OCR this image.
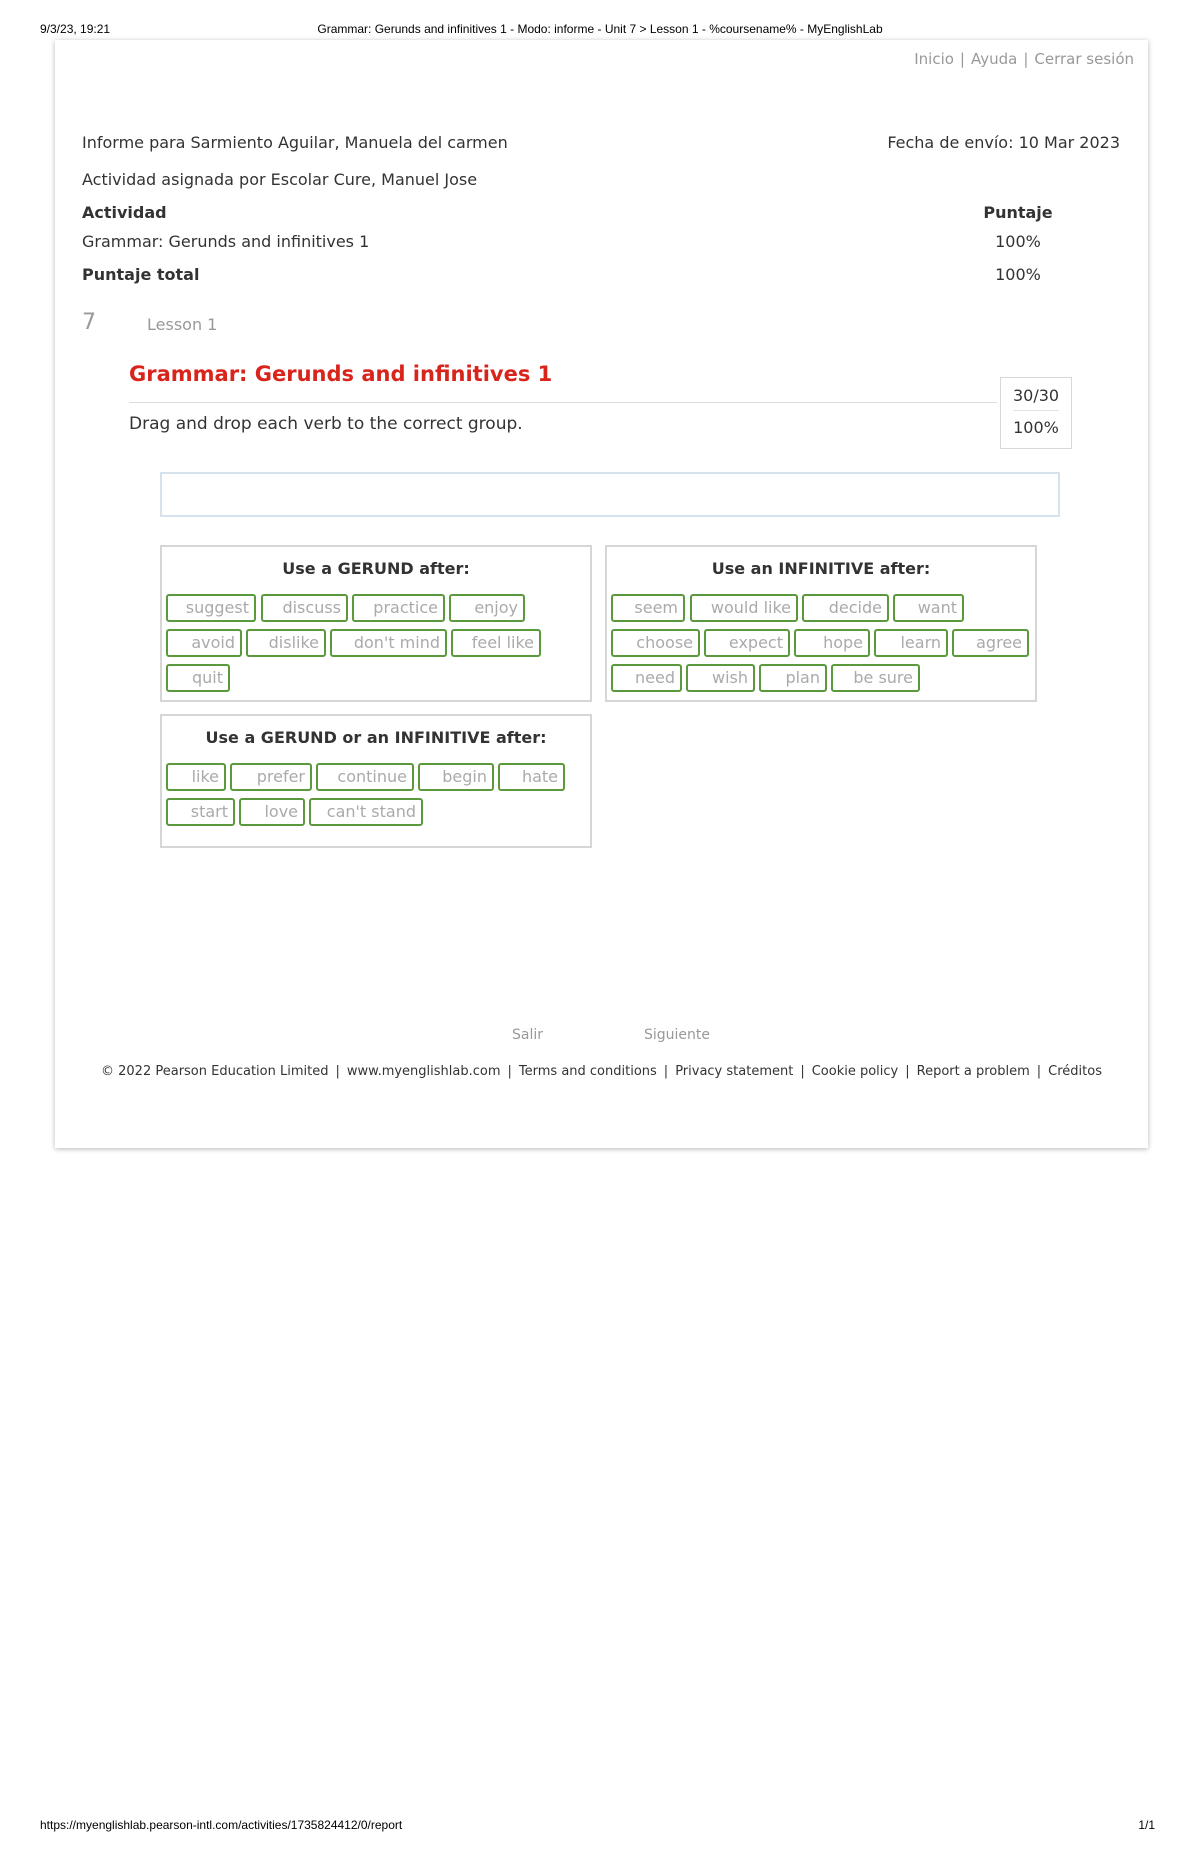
9/3/23, 19:21	Grammar: Gerunds and infinitives 1 - Modo: informe - Unit 7 > Lesson 1 - %coursename% - MyEnglishLab
Inicio | Ayuda | Cerrar sesión
Informe para Sarmiento Aguilar, Manuela del carmen	Fecha de envío: 10 Mar 2023
Actividad asignada por Escolar Cure, Manuel Jose
Actividad	Puntaje
Grammar: Gerunds and infinitives 1	100%
Puntaje total	100%
7	Lesson 1
Grammar: Gerunds and infinitives 1
Drag and drop each verb to the correct group.
30/30
100%
Use a GERUND after:
suggest	discuss	practice	enjoy
avoid	dislike	don't mind	feel like
quit
Use an INFINITIVE after:
seem	would like	decide	want
choose	expect	hope	learn	agree
need	wish	plan	be sure
Use a GERUND or an INFINITIVE after:
like	prefer	continue	begin	hate
start	love	can't stand
Salir	Siguiente
© 2022 Pearson Education Limited | www.myenglishlab.com | Terms and conditions | Privacy statement | Cookie policy | Report a problem | Créditos
https://myenglishlab.pearson-intl.com/activities/1735824412/0/report	1/1
